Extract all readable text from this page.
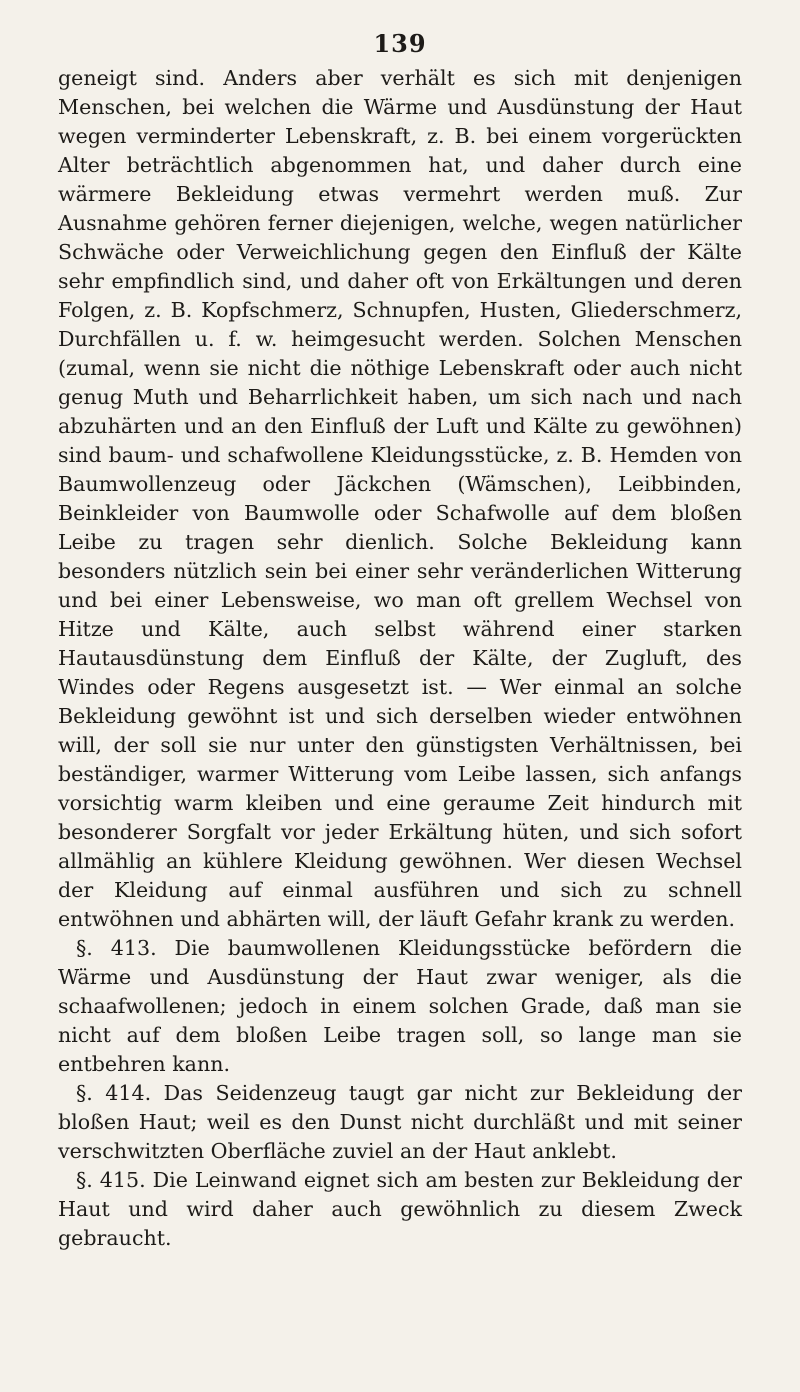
139

geneigt sind. Anders aber verhält es sich mit denjenigen Menschen, bei welchen die Wärme und Ausdünstung der Haut wegen verminderter Lebenskraft, z. B. bei einem vorgerückten Alter beträchtlich abgenommen hat, und daher durch eine wärmere Bekleidung etwas vermehrt werden muß. Zur Ausnahme gehören ferner diejenigen, welche, wegen natürlicher Schwäche oder Verweichlichung gegen den Einfluß der Kälte sehr empfindlich sind, und daher oft von Erkältungen und deren Folgen, z. B. Kopfschmerz, Schnupfen, Husten, Gliederschmerz, Durchfällen u. f. w. heimgesucht werden. Solchen Menschen (zumal, wenn sie nicht die nöthige Lebenskraft oder auch nicht genug Muth und Beharrlichkeit haben, um sich nach und nach abzuhärten und an den Einfluß der Luft und Kälte zu gewöhnen) sind baum- und schafwollene Kleidungsstücke, z. B. Hemden von Baumwollenzeug oder Jäckchen (Wämschen), Leibbinden, Beinkleider von Baumwolle oder Schafwolle auf dem bloßen Leibe zu tragen sehr dienlich. Solche Bekleidung kann besonders nützlich sein bei einer sehr veränderlichen Witterung und bei einer Lebensweise, wo man oft grellem Wechsel von Hitze und Kälte, auch selbst während einer starken Hautausdünstung dem Einfluß der Kälte, der Zugluft, des Windes oder Regens ausgesetzt ist. — Wer einmal an solche Bekleidung gewöhnt ist und sich derselben wieder entwöhnen will, der soll sie nur unter den günstigsten Verhältnissen, bei beständiger, warmer Witterung vom Leibe lassen, sich anfangs vorsichtig warm kleiben und eine geraume Zeit hindurch mit besonderer Sorgfalt vor jeder Erkältung hüten, und sich sofort allmählig an kühlere Kleidung gewöhnen. Wer diesen Wechsel der Kleidung auf einmal ausführen und sich zu schnell entwöhnen und abhärten will, der läuft Gefahr krank zu werden.

§. 413. Die baumwollenen Kleidungsstücke befördern die Wärme und Ausdünstung der Haut zwar weniger, als die schaafwollenen; jedoch in einem solchen Grade, daß man sie nicht auf dem bloßen Leibe tragen soll, so lange man sie entbehren kann.

§. 414. Das Seidenzeug taugt gar nicht zur Bekleidung der bloßen Haut; weil es den Dunst nicht durchläßt und mit seiner verschwitzten Oberfläche zuviel an der Haut anklebt.

§. 415. Die Leinwand eignet sich am besten zur Bekleidung der Haut und wird daher auch gewöhnlich zu diesem Zweck gebraucht.
